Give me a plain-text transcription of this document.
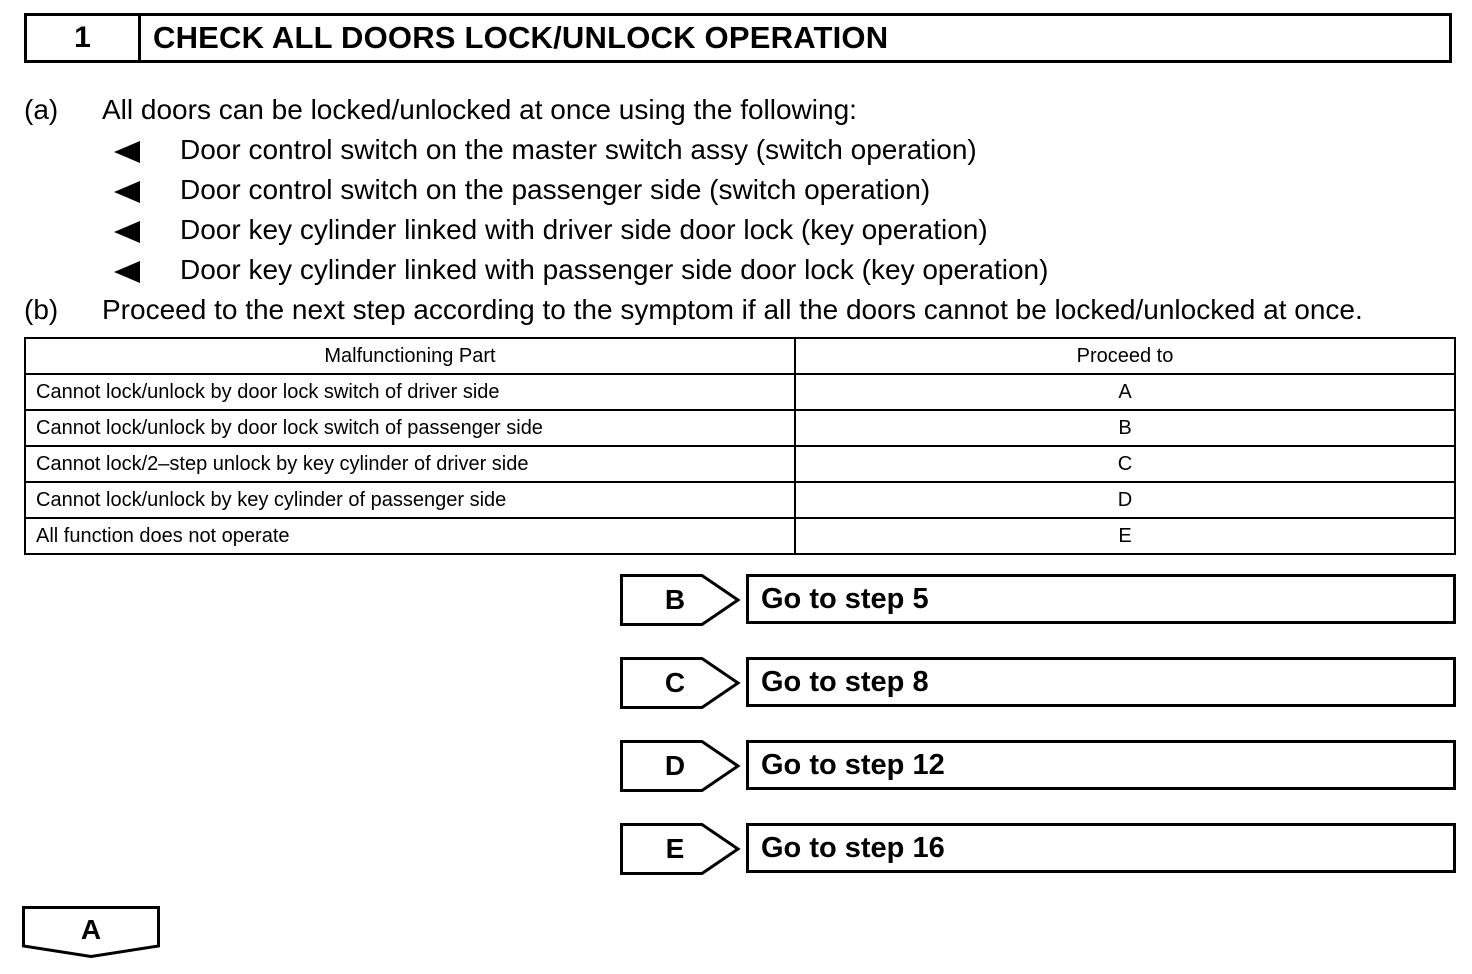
1	CHECK ALL DOORS LOCK/UNLOCK OPERATION
(a) All doors can be locked/unlocked at once using the following:
Door control switch on the master switch assy (switch operation)
Door control switch on the passenger side (switch operation)
Door key cylinder linked with driver side door lock (key operation)
Door key cylinder linked with passenger side door lock (key operation)
(b) Proceed to the next step according to the symptom if all the doors cannot be locked/unlocked at once.
Malfunctioning Part	Proceed to
Cannot lock/unlock by door lock switch of driver side	A
Cannot lock/unlock by door lock switch of passenger side	B
Cannot lock/2–step unlock by key cylinder of driver side	C
Cannot lock/unlock by key cylinder of passenger side	D
All function does not operate	E
B	Go to step 5
C	Go to step 8
D	Go to step 12
E	Go to step 16
A
